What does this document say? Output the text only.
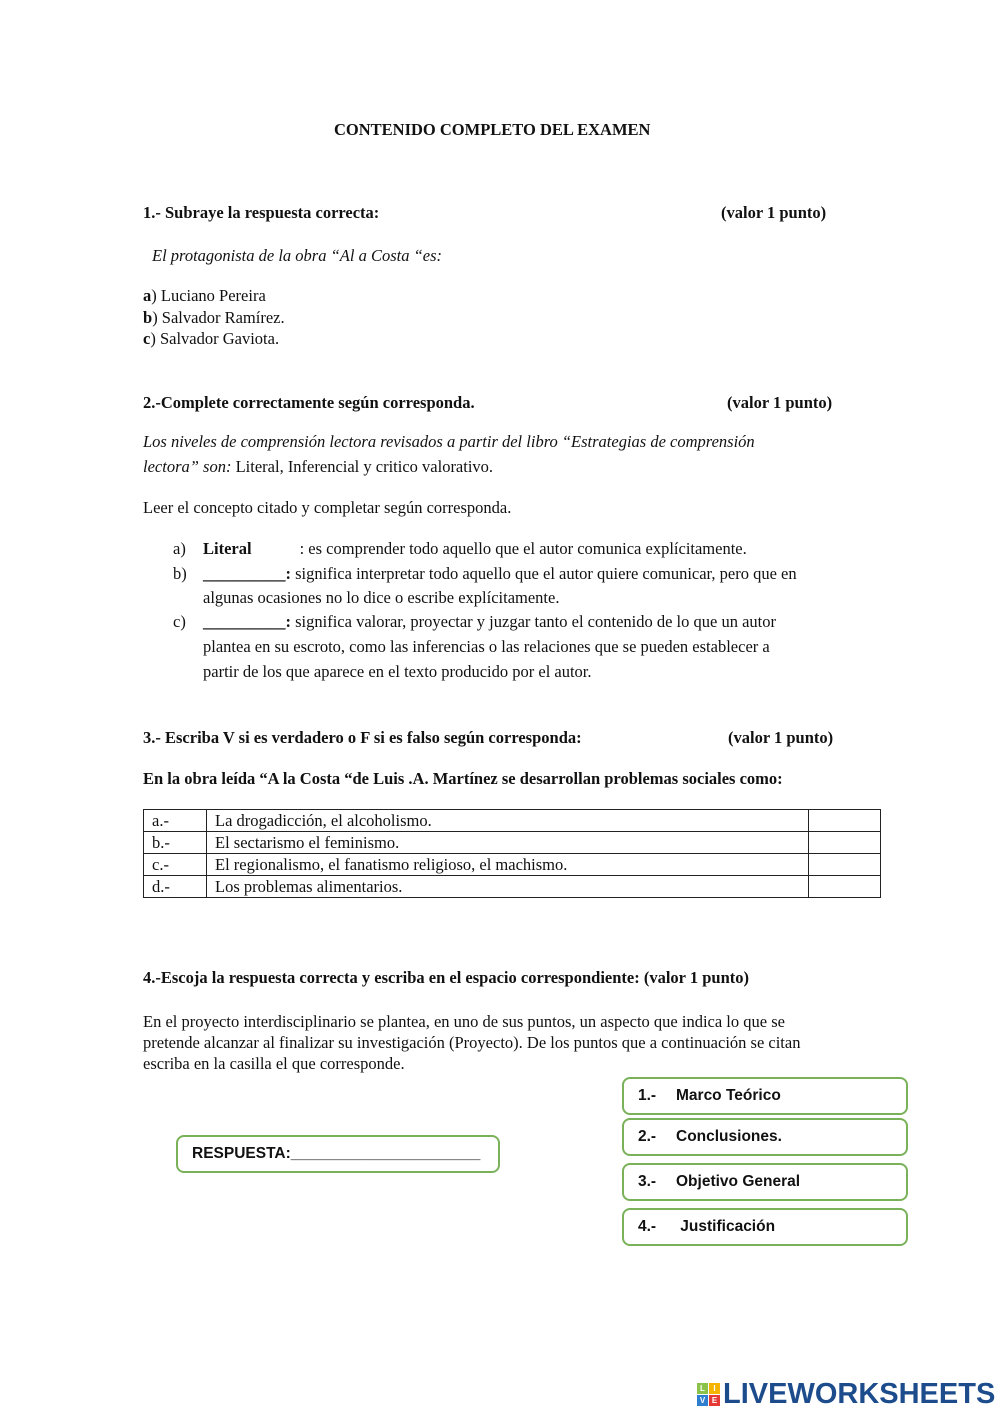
CONTENIDO COMPLETO DEL EXAMEN
1.- Subraye la respuesta correcta:	(valor 1 punto)
El protagonista de la obra “Al a Costa “es:
a) Luciano Pereira
b) Salvador Ramírez.
c) Salvador Gaviota.
2.-Complete correctamente según corresponda.	(valor 1 punto)
Los niveles de comprensión lectora revisados a partir del libro “Estrategias de comprensión
lectora” son: Literal, Inferencial y critico valorativo.
Leer el concepto citado y completar según corresponda.
a) Literal	: es comprender todo aquello que el autor comunica explícitamente.
b) __________: significa interpretar todo aquello que el autor quiere comunicar, pero que en
algunas ocasiones no lo dice o escribe explícitamente.
c) __________: significa valorar, proyectar y juzgar tanto el contenido de lo que un autor
plantea en su escroto, como las inferencias o las relaciones que se pueden establecer a
partir de los que aparece en el texto producido por el autor.
3.- Escriba V si es verdadero o F si es falso según corresponda:	(valor 1 punto)
En la obra leída “A la Costa “de Luis .A. Martínez se desarrollan problemas sociales como:
a.-	La drogadicción, el alcoholismo.	
b.-	El sectarismo el feminismo.	
c.-	El regionalismo, el fanatismo religioso, el machismo.	
d.-	Los problemas alimentarios.	
4.-Escoja la respuesta correcta y escriba en el espacio correspondiente: (valor 1 punto)
En el proyecto interdisciplinario se plantea, en uno de sus puntos, un aspecto que indica lo que se
pretende alcanzar al finalizar su investigación (Proyecto). De los puntos que a continuación se citan
escriba en la casilla el que corresponde.
RESPUESTA:______________________
1.-	Marco Teórico
2.-	Conclusiones.
3.-	Objetivo General
4.-	Justificación
L	I
V E LIVEWORKSHEETS
